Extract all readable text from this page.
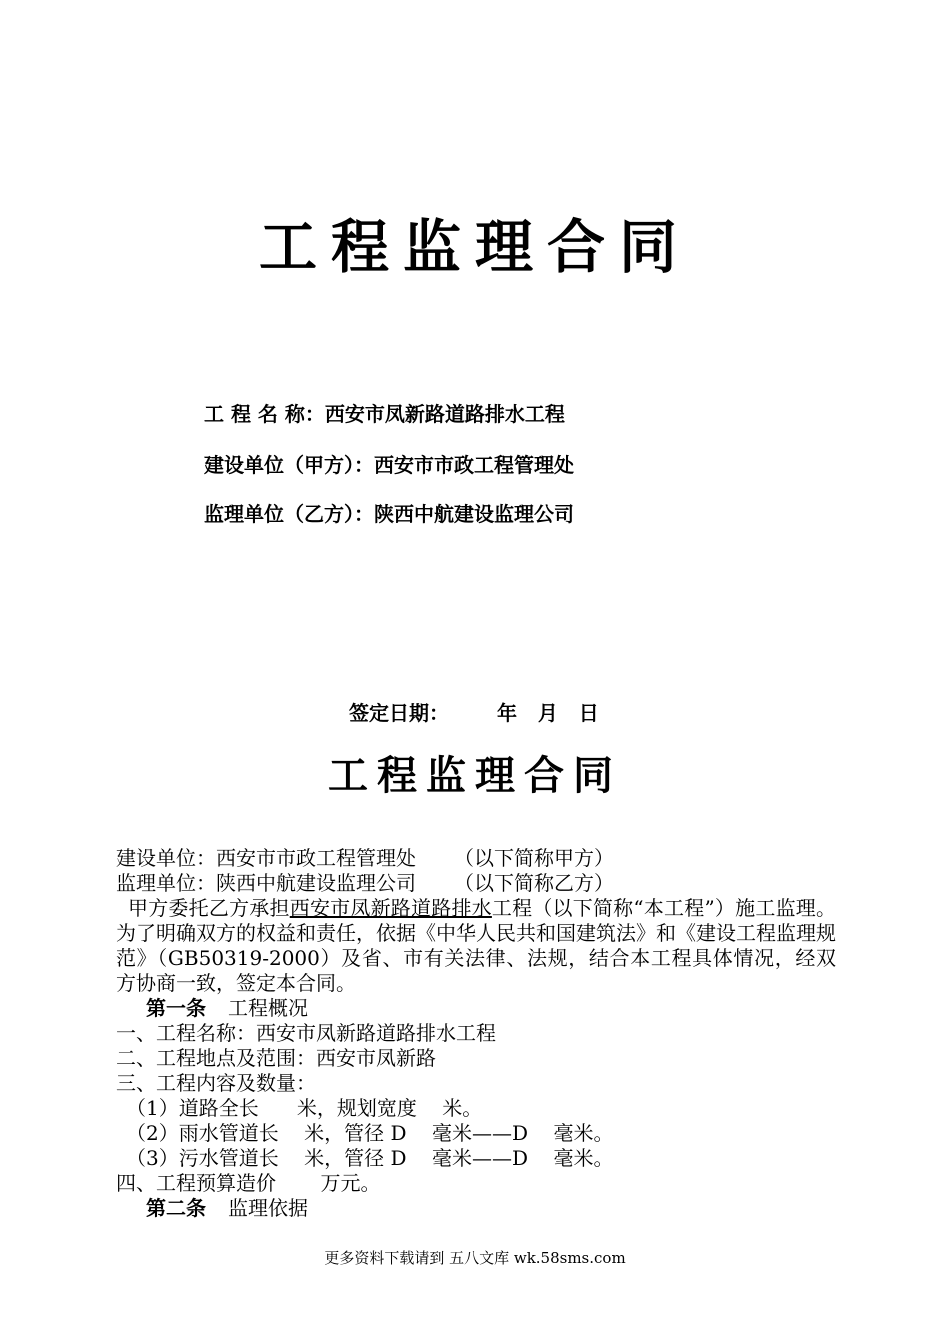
工程监理合同
工 程 名 称：西安市凤新路道路排水工程
建设单位（甲方）：西安市市政工程管理处
监理单位（乙方）：陕西中航建设监理公司
签定日期： 年   月   日
工程监理合同
建设单位：西安市市政工程管理处 （以下简称甲方）
监理单位：陕西中航建设监理公司 （以下简称乙方）
甲方委托乙方承担西安市凤新路道路排水工程（以下简称“本工程”）施工监理。为了明确双方的权益和责任，依据《中华人民共和国建筑法》和《建设工程监理规范》（GB50319-2000）及省、市有关法律、法规，结合本工程具体情况，经双方协商一致，签定本合同。
第一条 工程概况
一、工程名称：西安市凤新路道路排水工程
二、工程地点及范围：西安市凤新路
三、工程内容及数量：
（1）道路全长      米，规划宽度    米。
（2）雨水管道长    米，管径 D    毫米——D    毫米。
（3）污水管道长    米，管径 D    毫米——D    毫米。
四、工程预算造价       万元。
第二条 监理依据
更多资料下载请到 五八文库 wk.58sms.com
